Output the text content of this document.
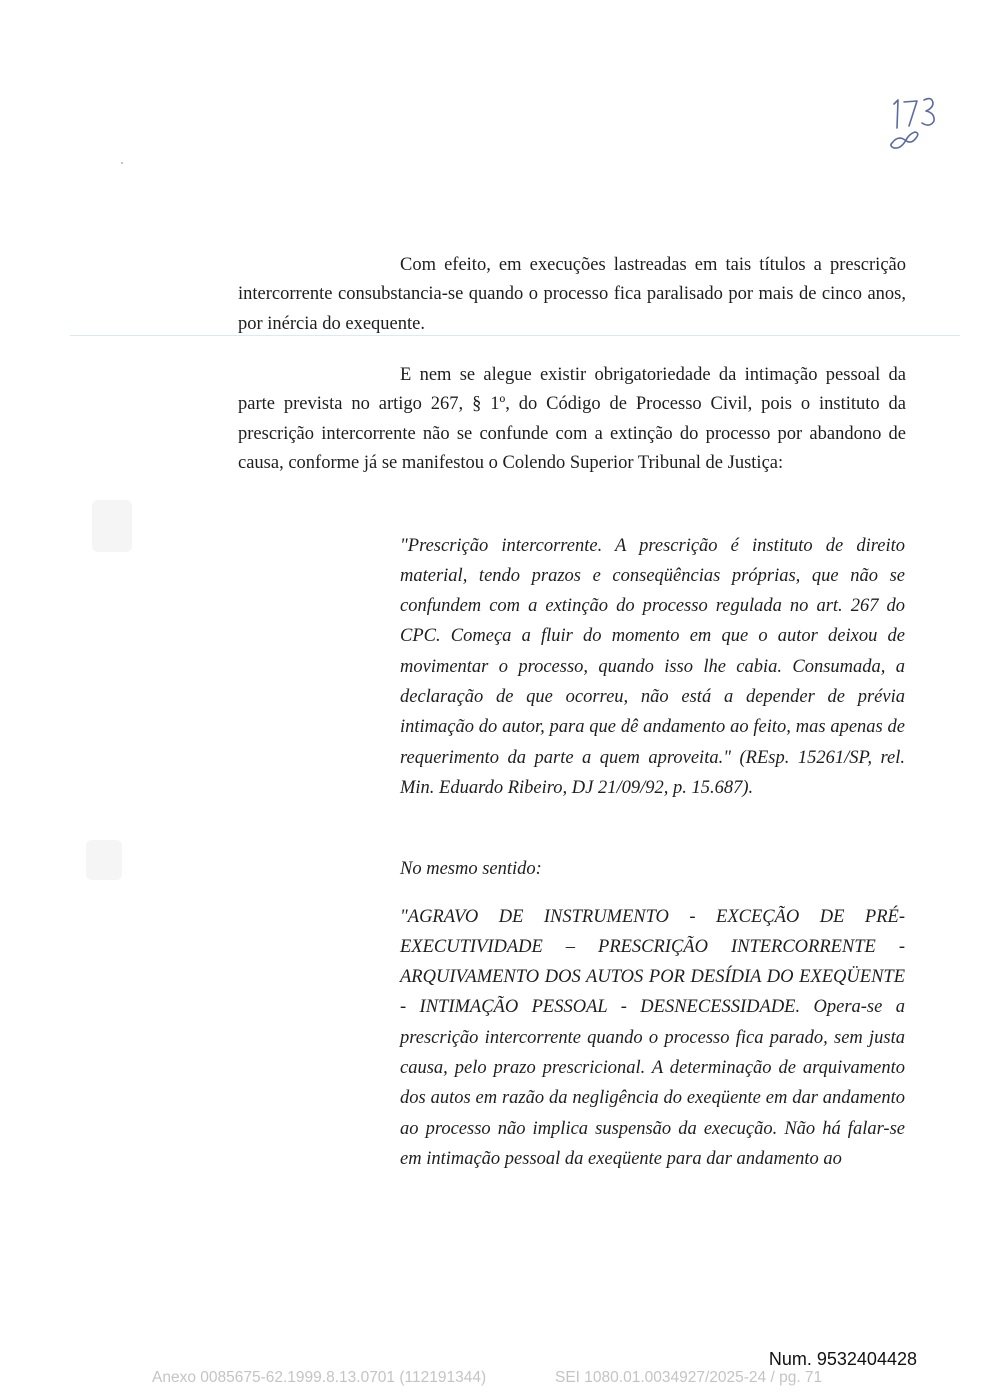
Com efeito, em execuções lastreadas em tais títulos a prescrição intercorrente consubstancia-se quando o processo fica paralisado por mais de cinco anos, por inércia do exequente.

E nem se alegue existir obrigatoriedade da intimação pessoal da parte prevista no artigo 267, § 1º, do Código de Processo Civil, pois o instituto da prescrição intercorrente não se confunde com a extinção do processo por abandono de causa, conforme já se manifestou o Colendo Superior Tribunal de Justiça:

"Prescrição intercorrente. A prescrição é instituto de direito material, tendo prazos e conseqüências próprias, que não se confundem com a extinção do processo regulada no art. 267 do CPC. Começa a fluir do momento em que o autor deixou de movimentar o processo, quando isso lhe cabia. Consumada, a declaração de que ocorreu, não está a depender de prévia intimação do autor, para que dê andamento ao feito, mas apenas de requerimento da parte a quem aproveita." (REsp. 15261/SP, rel. Min. Eduardo Ribeiro, DJ 21/09/92, p. 15.687).

No mesmo sentido:

"AGRAVO DE INSTRUMENTO - EXCEÇÃO DE PRÉ-EXECUTIVIDADE – PRESCRIÇÃO INTERCORRENTE - ARQUIVAMENTO DOS AUTOS POR DESÍDIA DO EXEQÜENTE - INTIMAÇÃO PESSOAL - DESNECESSIDADE. Opera-se a prescrição intercorrente quando o processo fica parado, sem justa causa, pelo prazo prescricional. A determinação de arquivamento dos autos em razão da negligência do exeqüente em dar andamento ao processo não implica suspensão da execução. Não há falar-se em intimação pessoal da exeqüente para dar andamento ao

Num. 9532404428
Anexo 0085675-62.1999.8.13.0701 (112191344)	SEI 1080.01.0034927/2025-24 / pg. 71
